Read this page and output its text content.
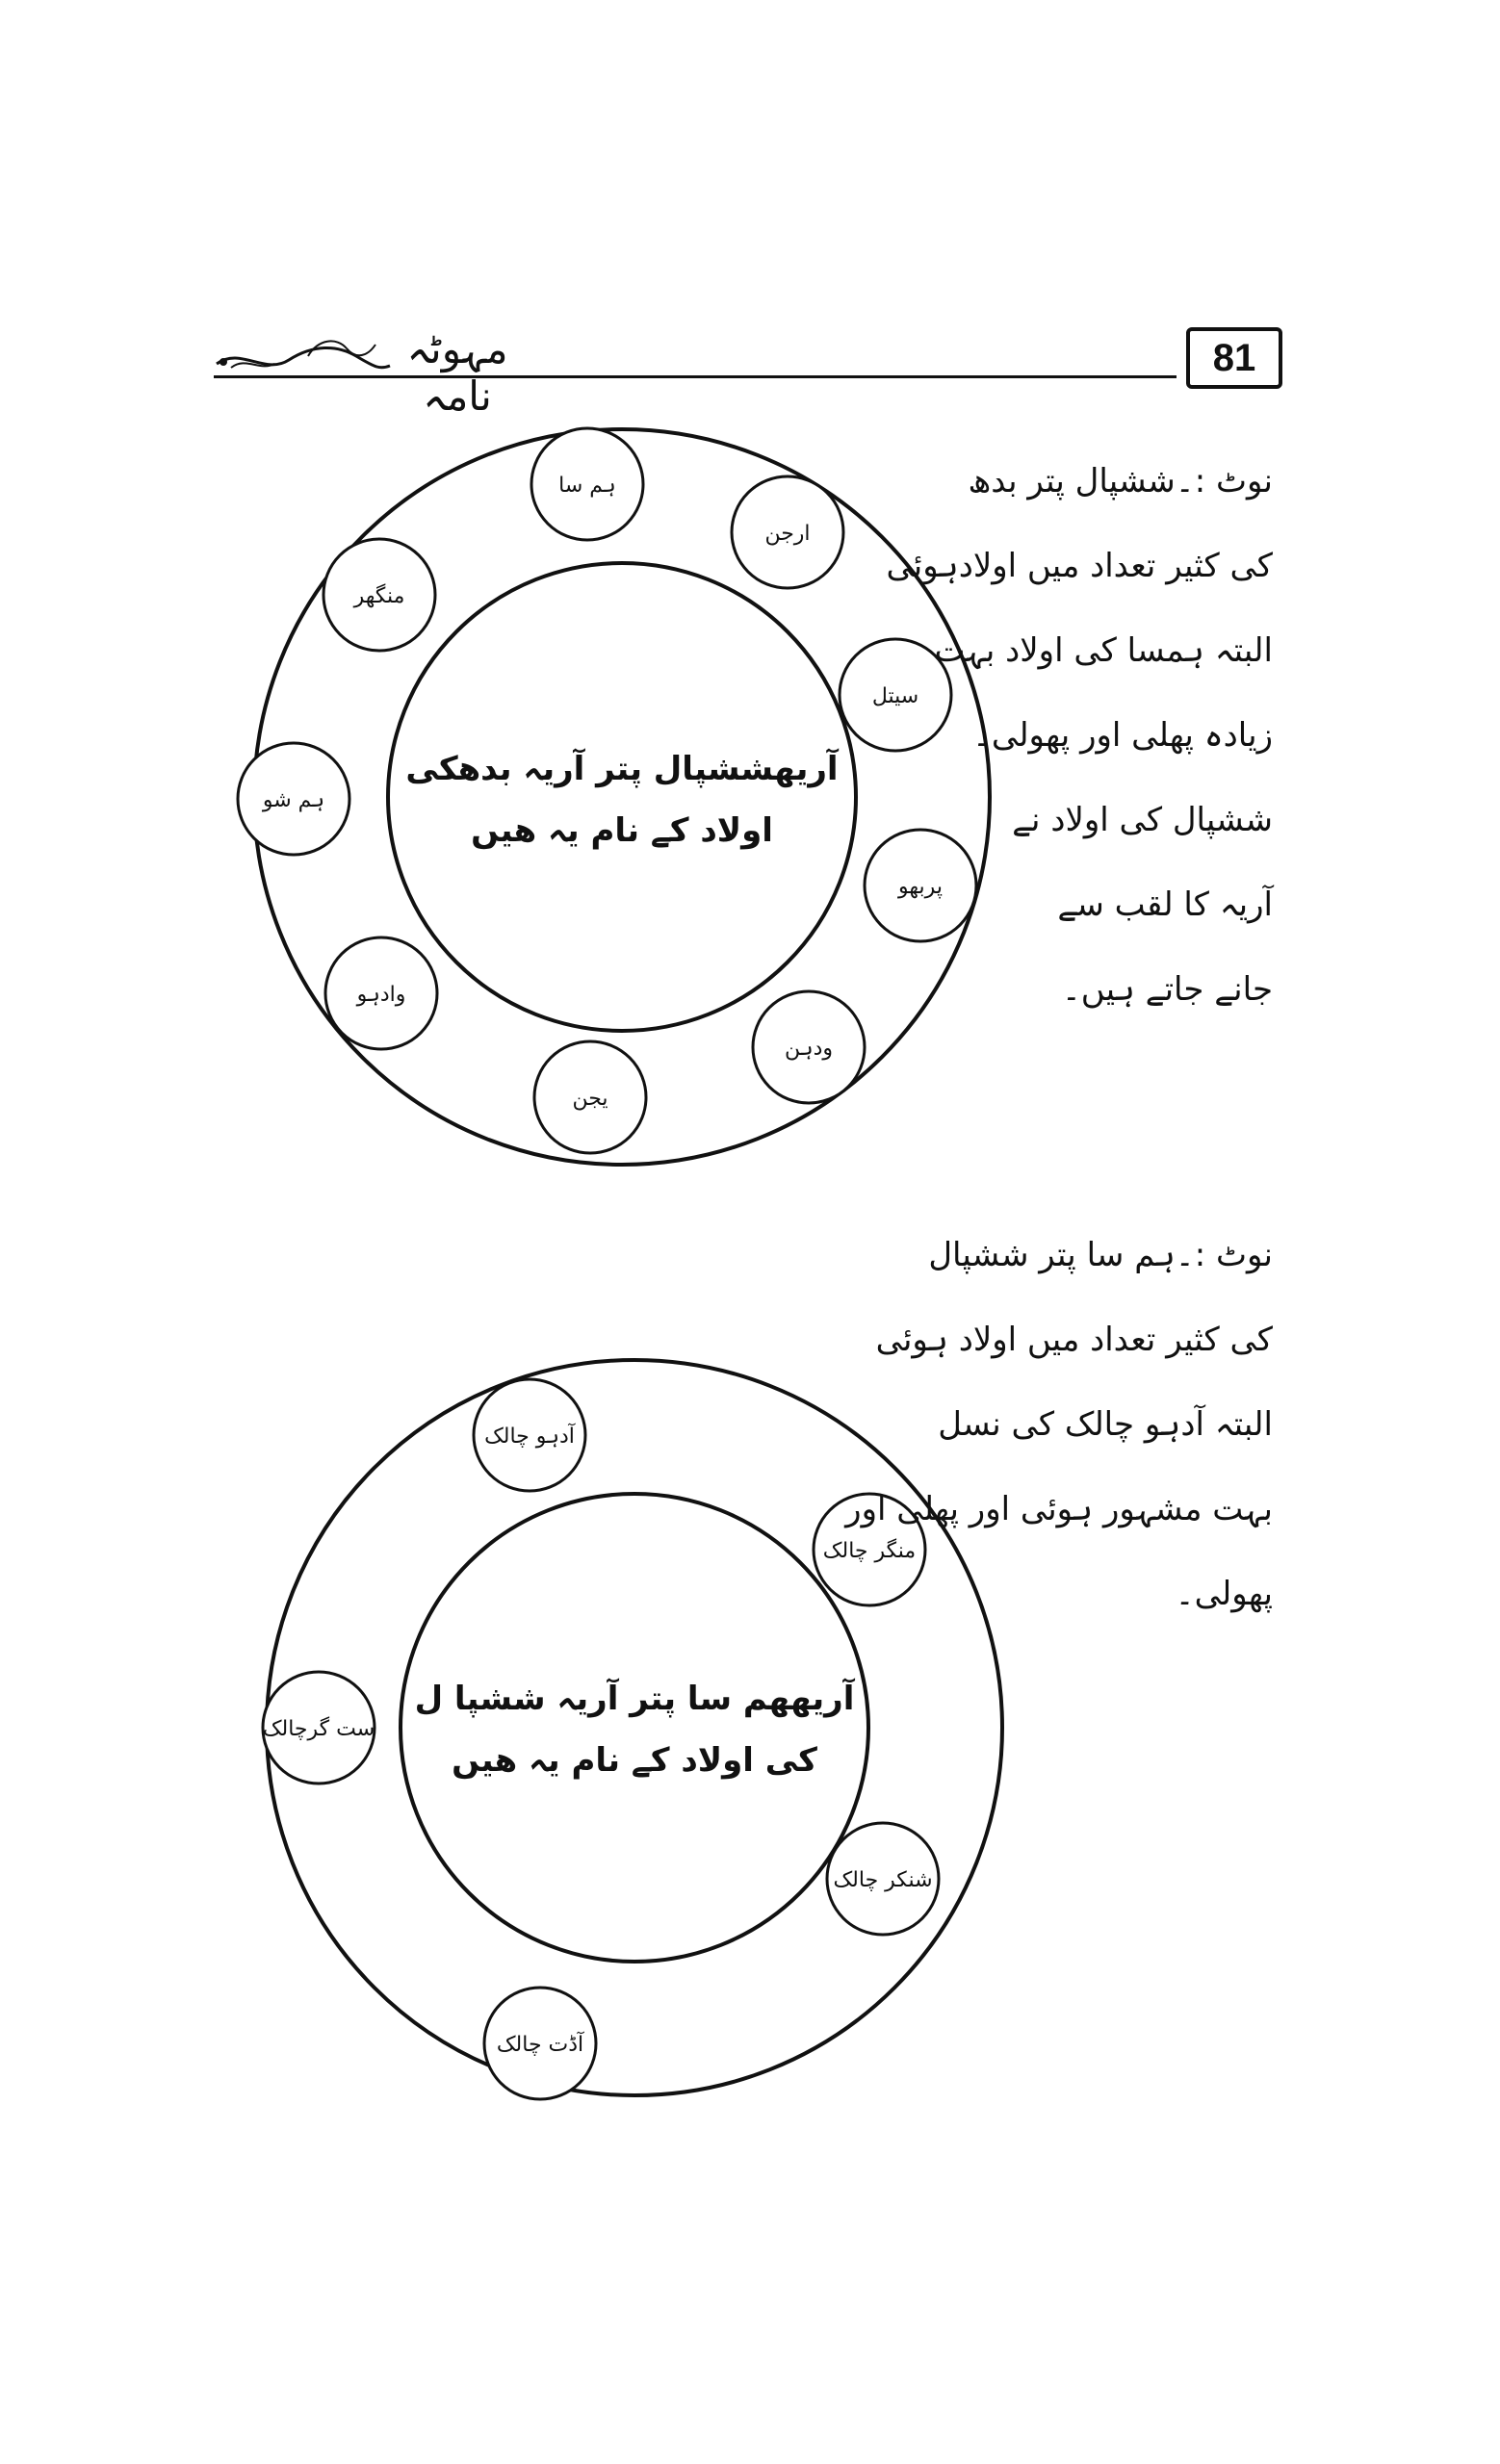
مہوٹہ نامہ
81
آریھششپال پتر آریہ بدھکی
اولاد کے نام یہ ھیں
ہم سا
ارجن
سیتل
پربھو
ودہن
یجن
وادہو
ہم شو
منگھر
آریھھم سا پتر آریہ ششپا ل
کی اولاد کے نام یہ ھیں
آدہو چالک
منگر چالک
شنکر چالک
آڈت چالک
ست گرچالک
نوٹ :۔ششپال پتر بدھ
کی کثیر تعداد میں اولادہوئی
البتہ ہمسا کی اولاد بہت
زیادہ پھلی اور پھولی۔
ششپال کی اولاد نے
آریہ کا لقب سے
جانے جاتے ہیں۔
نوٹ :۔ہم سا پتر ششپال
کی کثیر تعداد میں اولاد ہوئی
البتہ آدہو چالک کی نسل
بہت مشہور ہوئی اور پھلی اور
پھولی۔
